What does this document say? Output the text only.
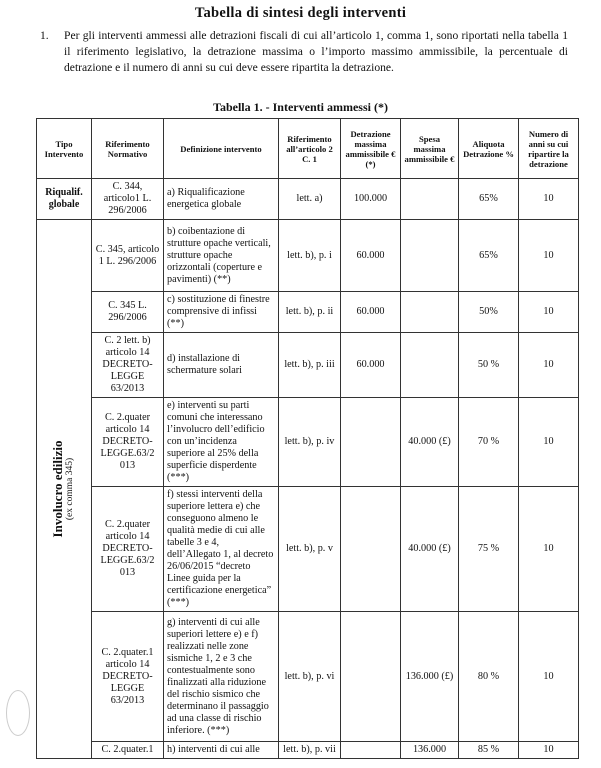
Tabella di sintesi degli interventi
1. Per gli interventi ammessi alle detrazioni fiscali di cui all’articolo 1, comma 1, sono riportati nella tabella 1 il riferimento legislativo, la detrazione massima o l’importo massimo ammissibile, la percentuale di detrazione e il numero di anni su cui deve essere ripartita la detrazione.
Tabella 1. - Interventi ammessi (*)
Tipo Intervento	Riferimento Normativo	Definizione intervento	Riferimento all’articolo 2 C. 1	Detrazione massima ammissibile € (*)	Spesa massima ammissibile €	Aliquota Detrazione %	Numero di anni su cui ripartire la detrazione
Riqualif. globale	C. 344, articolo1 L. 296/2006	a) Riqualificazione energetica globale	lett. a)	100.000		65%	10

Involucro edilizio (ex comma 345)	C. 345, articolo 1 L. 296/2006	b) coibentazione di strutture opache verticali, strutture opache orizzontali (coperture e pavimenti) (**)	lett. b), p. i	60.000		65%	10
	C. 345 L. 296/2006	c) sostituzione di finestre comprensive di infissi (**)	lett. b), p. ii	60.000		50%	10
	C. 2 lett. b) articolo 14 DECRETO-LEGGE 63/2013	d) installazione di schermature solari	lett. b), p. iii	60.000		50 %	10
	C. 2.quater articolo 14 DECRETO-LEGGE.63/2 013	e) interventi su parti comuni che interessano l’involucro dell’edificio con un’incidenza superiore al 25% della superficie disperdente (***)	lett. b), p. iv		40.000 (£)	70 %	10
	C. 2.quater articolo 14 DECRETO-LEGGE.63/2 013	f) stessi interventi della superiore lettera e) che conseguono almeno le qualità medie di cui alle tabelle 3 e 4, dell’Allegato 1, al decreto 26/06/2015 “decreto Linee guida per la certificazione energetica” (***)	lett. b), p. v		40.000 (£)	75 %	10
	C. 2.quater.1 articolo 14 DECRETO-LEGGE 63/2013	g) interventi di cui alle superiori lettere e) e f) realizzati nelle zone sismiche 1, 2 e 3 che contestualmente sono finalizzati alla riduzione del rischio sismico che determinano il passaggio ad una classe di rischio inferiore. (***)	lett. b), p. vi		136.000 (£)	80 %	10
	C. 2.quater.1	h) interventi di cui alle	lett. b), p. vii		136.000	85 %	10
